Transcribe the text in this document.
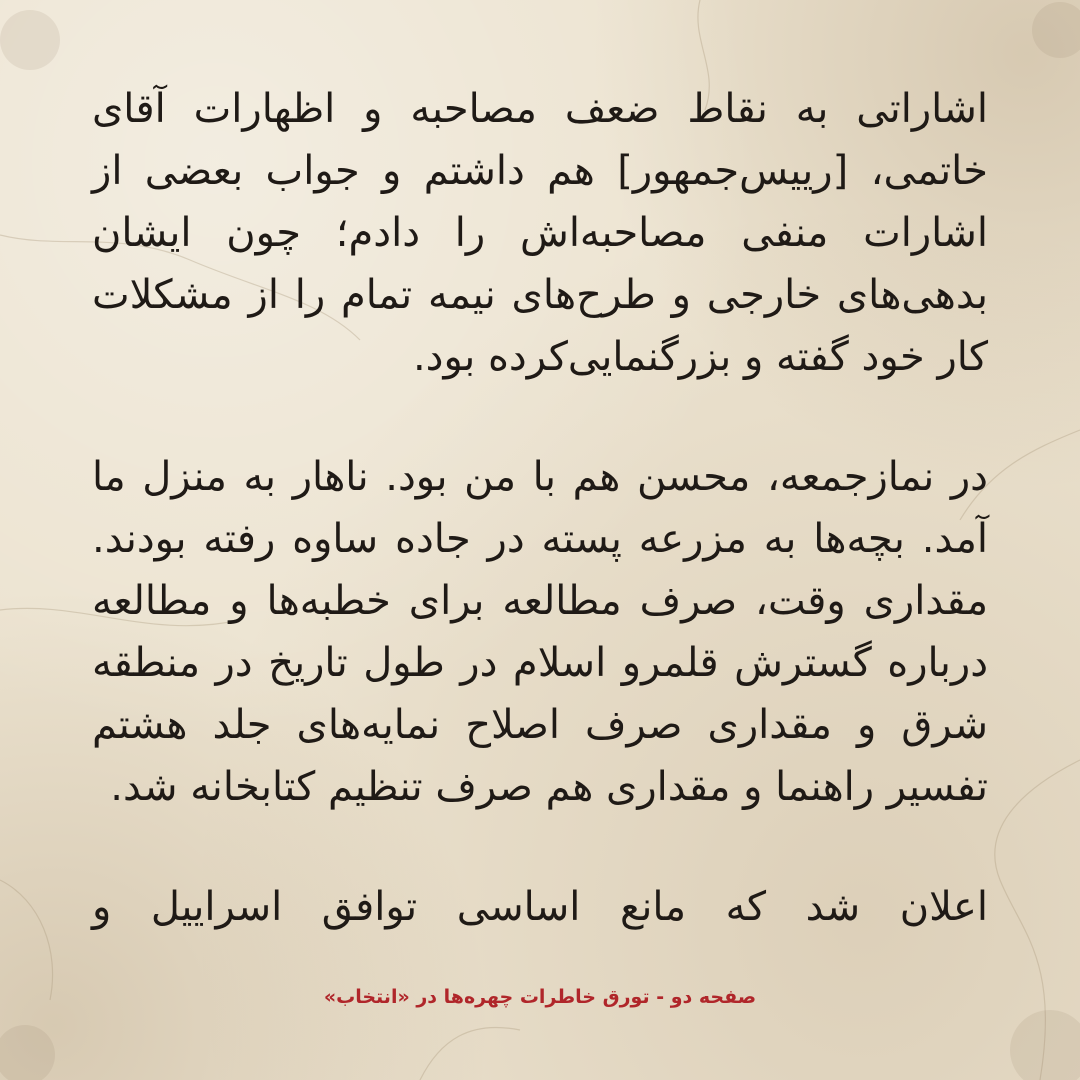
اشاراتی به نقاط ضعف مصاحبه و اظهارات آقای خاتمی، [رییس‌جمهور] هم داشتم و جواب بعضی از اشارات منفی مصاحبه‌اش را دادم؛ چون ایشان بدهی‌های خارجی و طرح‌های نیمه تمام را از مشکلات کار خود گفته و بزرگنمایی‌کرده بود.

در نمازجمعه، محسن هم با من بود. ناهار به منزل ما آمد. بچه‌ها به مزرعه پسته در جاده ساوه رفته بودند. مقداری وقت، صرف مطالعه برای خطبه‌ها و مطالعه درباره گسترش قلمرو اسلام در طول تاریخ در منطقه شرق و مقداری صرف اصلاح نمایه‌های جلد هشتم تفسیر راهنما و مقداری هم صرف تنظیم کتابخانه شد.

اعلان شد که مانع اساسی توافق اسراییل و

صفحه دو - تورق خاطرات چهره‌ها در «انتخاب»
